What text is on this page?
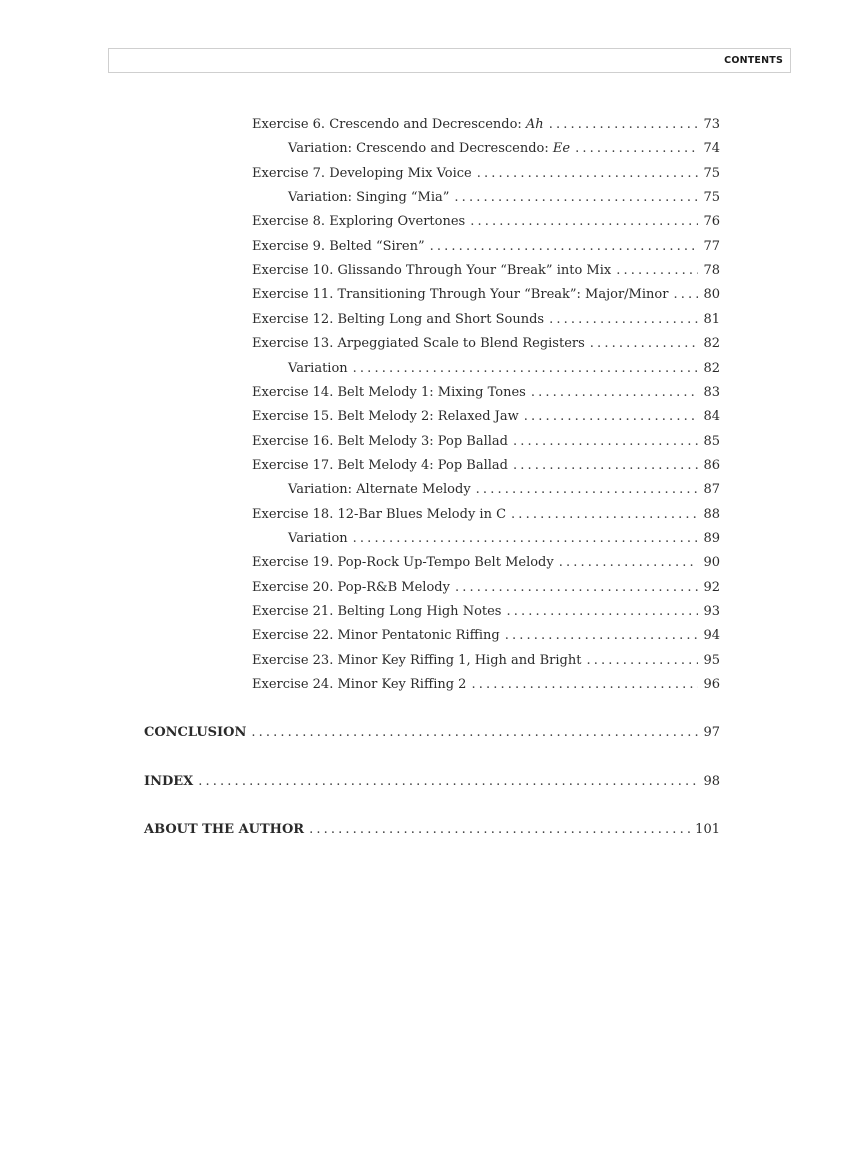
CONTENTS
Exercise 6. Crescendo and Decrescendo: Ah . . .	73
Variation: Crescendo and Decrescendo: Ee . . .	74
Exercise 7. Developing Mix Voice . . .	75
Variation: Singing “Mia” . . .	75
Exercise 8. Exploring Overtones . . .	76
Exercise 9. Belted “Siren” . . .	77
Exercise 10. Glissando Through Your “Break” into Mix . . .	78
Exercise 11. Transitioning Through Your “Break”: Major/Minor . . .	80
Exercise 12. Belting Long and Short Sounds . . .	81
Exercise 13. Arpeggiated Scale to Blend Registers . . .	82
Variation . . .	82
Exercise 14. Belt Melody 1: Mixing Tones . . .	83
Exercise 15. Belt Melody 2: Relaxed Jaw . . .	84
Exercise 16. Belt Melody 3: Pop Ballad . . .	85
Exercise 17. Belt Melody 4: Pop Ballad . . .	86
Variation: Alternate Melody . . .	87
Exercise 18. 12-Bar Blues Melody in C . . .	88
Variation . . .	89
Exercise 19. Pop-Rock Up-Tempo Belt Melody . . .	90
Exercise 20. Pop-R&B Melody . . .	92
Exercise 21. Belting Long High Notes . . .	93
Exercise 22. Minor Pentatonic Riffing . . .	94
Exercise 23. Minor Key Riffing 1, High and Bright . . .	95
Exercise 24. Minor Key Riffing 2 . . .	96
CONCLUSION . . .	97
INDEX . . .	98
ABOUT THE AUTHOR . . .	101
